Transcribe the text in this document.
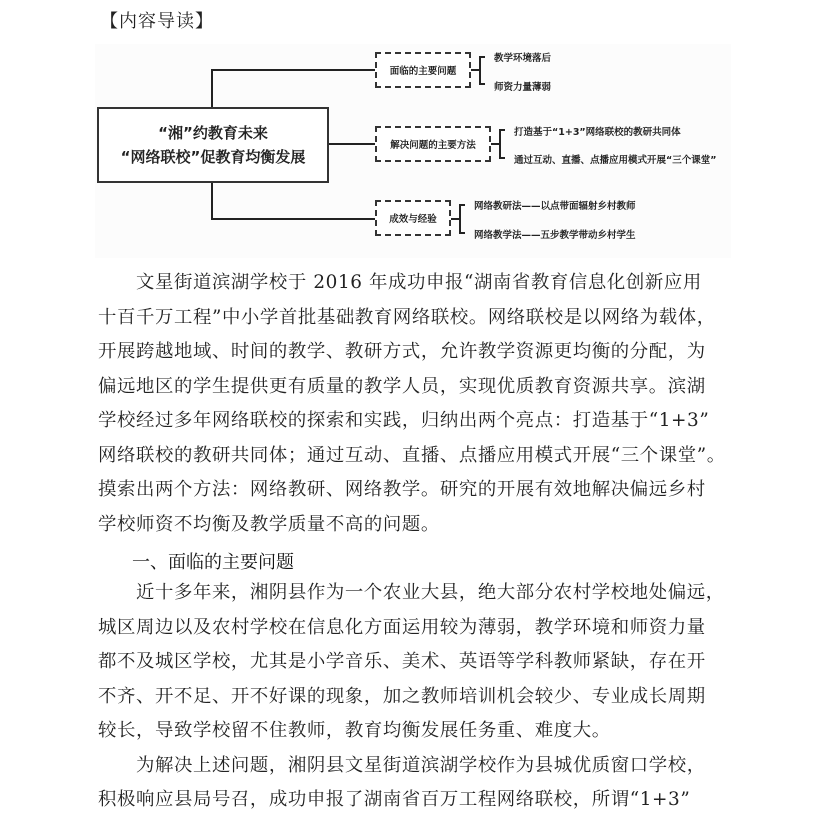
【内容导读】
“湘”约教育未来
“网络联校”促教育均衡发展
面临的主要问题
教学环境落后
师资力量薄弱
解决问题的主要方法
打造基于“1+3”网络联校的教研共同体
通过互动、直播、点播应用模式开展“三个课堂”
成效与经验
网络教研法——以点带面辐射乡村教师
网络教学法——五步教学带动乡村学生
　　文星街道滨湖学校于 2016 年成功申报“湖南省教育信息化创新应用
十百千万工程”中小学首批基础教育网络联校。网络联校是以网络为载体，
开展跨越地域、时间的教学、教研方式，允许教学资源更均衡的分配，为
偏远地区的学生提供更有质量的教学人员，实现优质教育资源共享。滨湖
学校经过多年网络联校的探索和实践，归纳出两个亮点：打造基于“1+3”
网络联校的教研共同体；通过互动、直播、点播应用模式开展“三个课堂”。
摸索出两个方法：网络教研、网络教学。研究的开展有效地解决偏远乡村
学校师资不均衡及教学质量不高的问题。
一、面临的主要问题
　　近十多年来，湘阴县作为一个农业大县，绝大部分农村学校地处偏远，
城区周边以及农村学校在信息化方面运用较为薄弱，教学环境和师资力量
都不及城区学校，尤其是小学音乐、美术、英语等学科教师紧缺，存在开
不齐、开不足、开不好课的现象，加之教师培训机会较少、专业成长周期
较长，导致学校留不住教师，教育均衡发展任务重、难度大。
　　为解决上述问题，湘阴县文星街道滨湖学校作为县城优质窗口学校，
积极响应县局号召，成功申报了湖南省百万工程网络联校，所谓“1+3”
